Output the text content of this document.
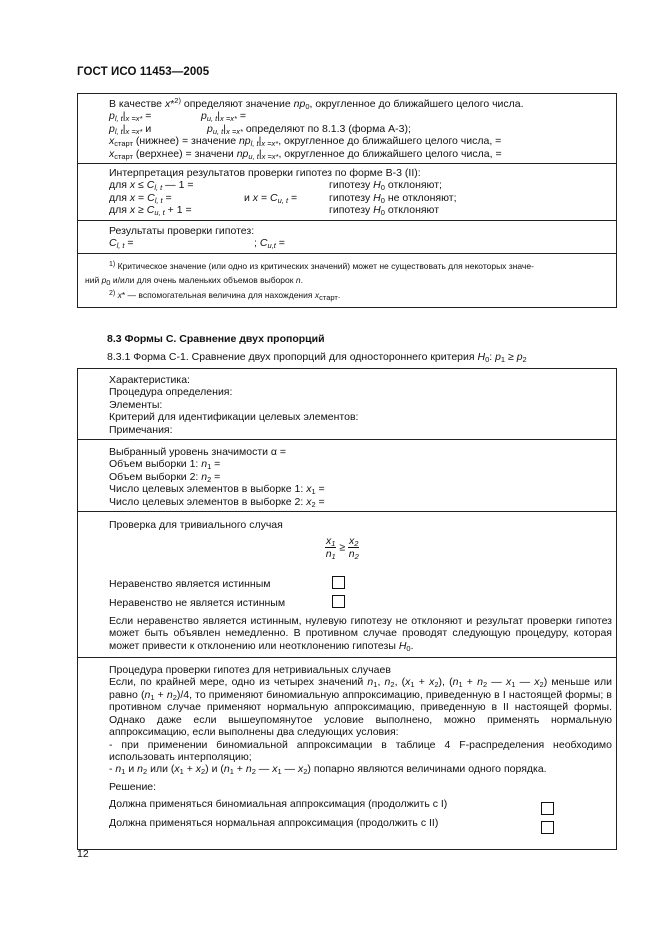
ГОСТ ИСО 11453—2005
В качестве x*$^{2)}$ определяют значение $np_0$, округленное до ближайшего целого числа.
$p_{l, t}|_{x =x*}$ =	$p_{u, t}|_{x =x*}$ =
$p_{l, t}|_{x =x*}$ и	$p_{u, t}|_{x =x*}$ определяют по 8.1.3 (форма А-3);
$x_{старт}$ (нижнее) = значение $np_{l, t}|_{x =x*}$, округленное до ближайшего целого числа, =
$x_{старт}$ (верхнее) = значени $np_{u, t}|_{x =x*}$, округленное до ближайшего целого числа, =
Интерпретация результатов проверки гипотез по форме В-3 (II):
для $x \le C_{l, t}$ — 1 =	гипотезу $H_0$ отклоняют;
для $x = C_{l, t}$ =	и $x = C_{u, t}$ =	гипотезу $H_0$ не отклоняют;
для $x \ge C_{u, t} + 1$ =	гипотезу $H_0$ отклоняют
Результаты проверки гипотез:
$C_{l, t}$ =	; $C_{u,t}$ =
$^{1)}$ Критическое значение (или одно из критических значений) может не существовать для некоторых значе-
ний $p_0$ и/или для очень маленьких объемов выборок n.
$^{2)}$ x* — вспомогательная величина для нахождения $x_{старт}$.
8.3 Формы С. Сравнение двух пропорций
8.3.1 Форма С-1. Сравнение двух пропорций для одностороннего критерия $H_0$: $p_1 \ge p_2$
Характеристика:
Процедура определения:
Элементы:
Критерий для идентификации целевых элементов:
Примечания:
Выбранный уровень значимости α =
Объем выборки 1: $n_1$ =
Объем выборки 2: $n_2$ =
Число целевых элементов в выборке 1: $x_1$ =
Число целевых элементов в выборке 2: $x_2$ =
Проверка для тривиального случая
$\frac{x_1}{n_1} \ge \frac{x_2}{n_2}$
Неравенство является истинным
Неравенство не является истинным
Если неравенство является истинным, нулевую гипотезу не отклоняют и результат проверки гипотез может быть объявлен немедленно. В противном случае проводят следующую процедуру, которая может привести к отклонению или неотклонению гипотезы $H_0$.
Процедура проверки гипотез для нетривиальных случаев
Если, по крайней мере, одно из четырех значений $n_1$, $n_2$, $(x_1 + x_2)$, ($n_1 + n_2$ — $x_1$ — $x_2$) меньше или равно $(n_1 + n_2)/4$, то применяют биномиальную аппроксимацию, приведенную в I настоящей формы; в противном случае применяют нормальную аппроксимацию, приведенную в II настоящей формы. Однако даже если вышеупомянутое условие выполнено, можно применять нормальную аппроксимацию, если выполнены два следующих условия:
- при применении биномиальной аппроксимации в таблице 4 F-распределения необходимо использовать интерполяцию;
- $n_1$ и $n_2$ или $(x_1 + x_2)$ и ($n_1 + n_2$ — $x_1$ — $x_2$) попарно являются величинами одного порядка.
Решение:
Должна применяться биномиальная аппроксимация (продолжить с I)
Должна применяться нормальная аппроксимация (продолжить с II)
12
